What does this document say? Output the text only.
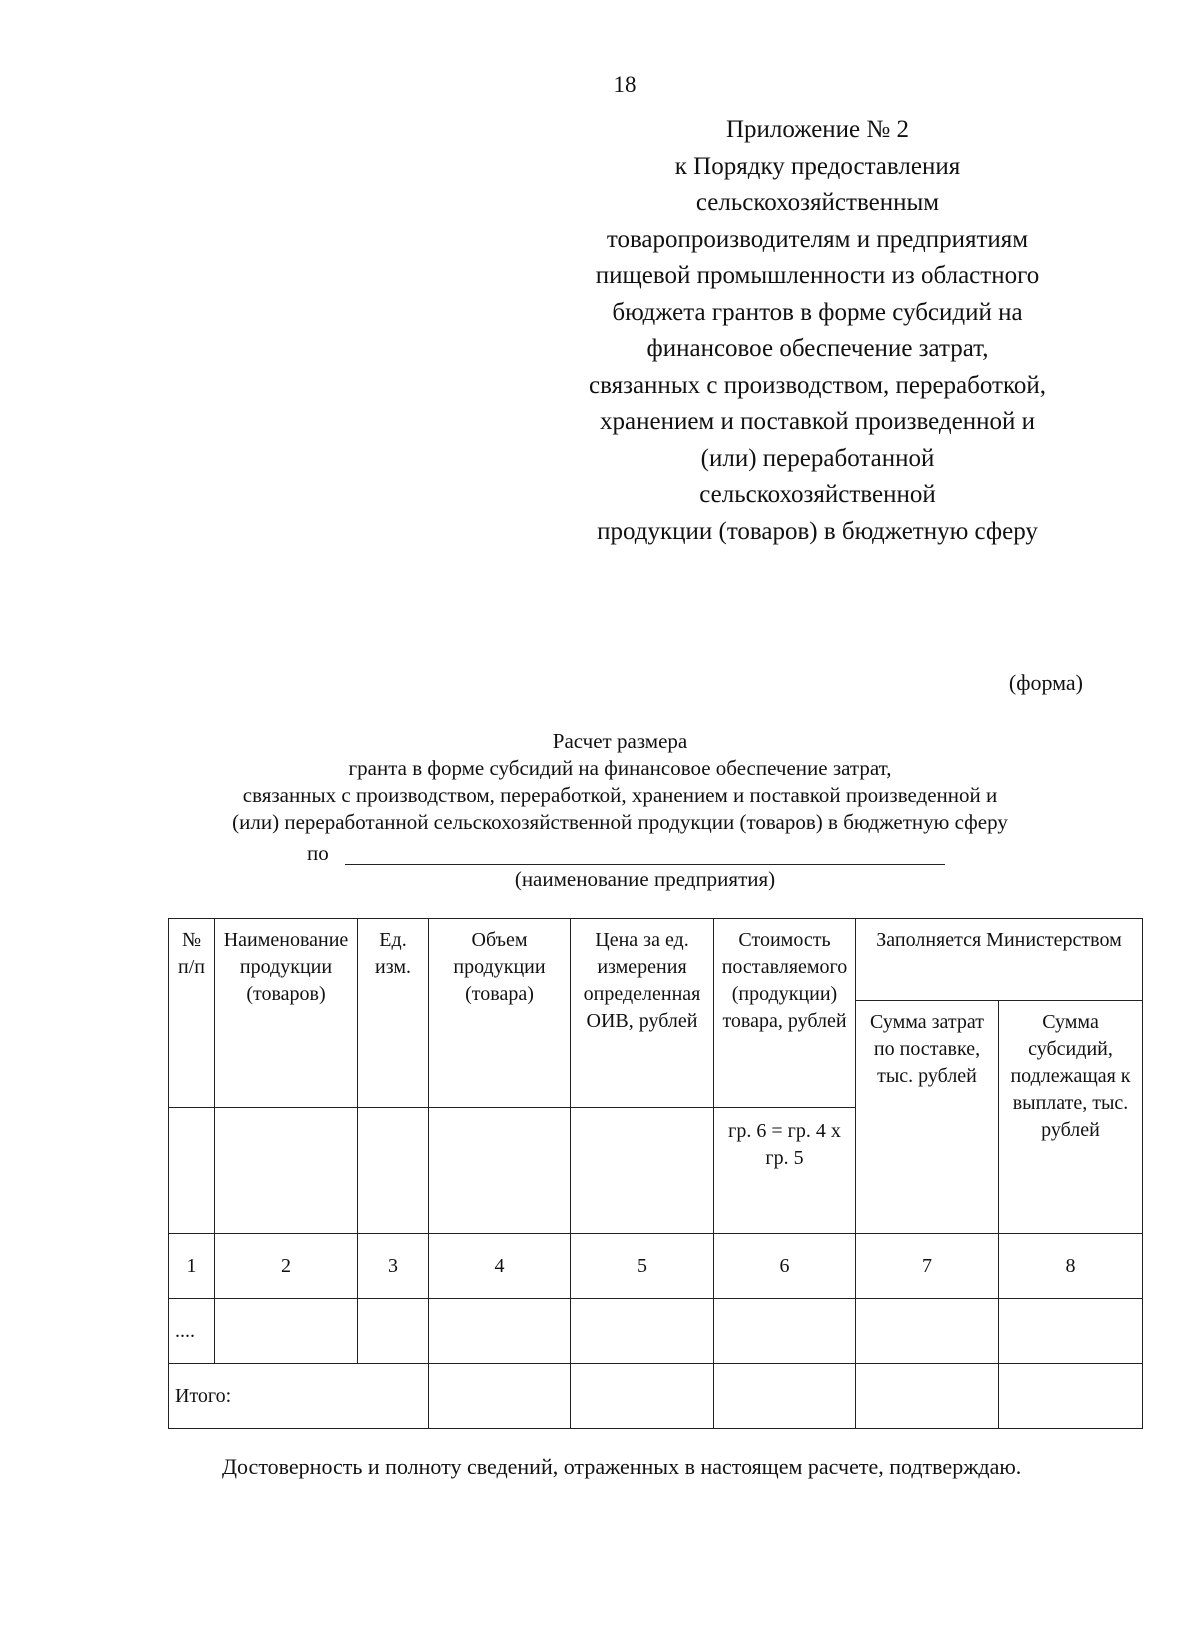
18
Приложение № 2
к Порядку предоставления
сельскохозяйственным
товаропроизводителям и предприятиям
пищевой промышленности из областного
бюджета грантов в форме субсидий на
финансовое обеспечение затрат,
связанных с производством, переработкой,
хранением и поставкой произведенной и
(или) переработанной
сельскохозяйственной
продукции (товаров) в бюджетную сферу
(форма)
Расчет размера
гранта в форме субсидий на финансовое обеспечение затрат,
связанных с производством, переработкой, хранением и поставкой произведенной и
(или) переработанной сельскохозяйственной продукции (товаров) в бюджетную сферу
по
(наименование предприятия)
№ п/п	Наименование продукции (товаров)	Ед. изм.	Объем продукции (товара)	Цена за ед. измерения определенная ОИВ, рублей	Стоимость поставляемого (продукции) товара, рублей	Заполняется Министерством	
						Сумма затрат по поставке, тыс. рублей	Сумма субсидий, подлежащая к выплате, тыс. рублей
					гр. 6 = гр. 4 х гр. 5		
1	2	3	4	5	6	7	8
....							
Итого:							
Достоверность и полноту сведений, отраженных в настоящем расчете, подтверждаю.
